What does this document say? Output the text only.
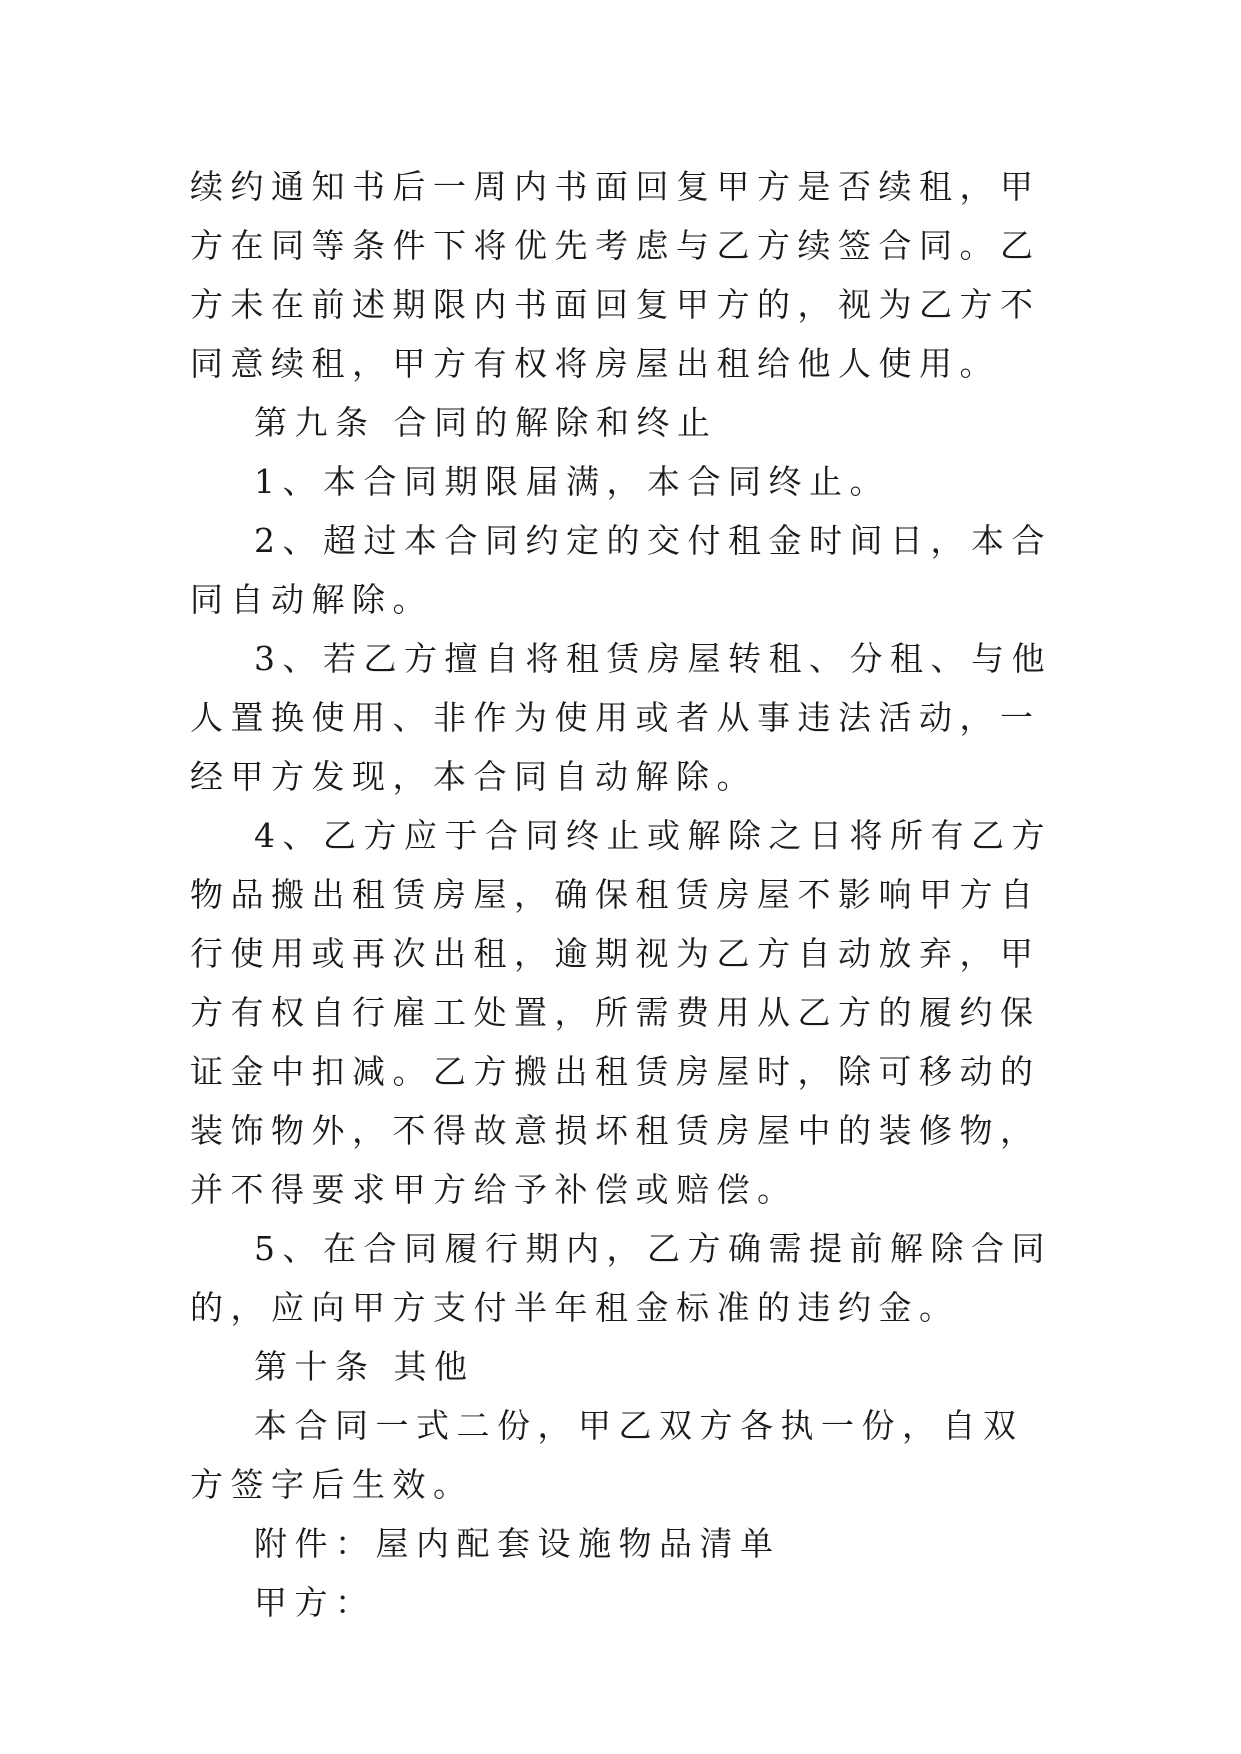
续约通知书后一周内书面回复甲方是否续租，甲方在同等条件下将优先考虑与乙方续签合同。乙方未在前述期限内书面回复甲方的，视为乙方不同意续租，甲方有权将房屋出租给他人使用。

第九条 合同的解除和终止

1、本合同期限届满，本合同终止。

2、超过本合同约定的交付租金时间日，本合同自动解除。

3、若乙方擅自将租赁房屋转租、分租、与他人置换使用、非作为使用或者从事违法活动，一经甲方发现，本合同自动解除。

4、乙方应于合同终止或解除之日将所有乙方物品搬出租赁房屋，确保租赁房屋不影响甲方自行使用或再次出租，逾期视为乙方自动放弃，甲方有权自行雇工处置，所需费用从乙方的履约保证金中扣减。乙方搬出租赁房屋时，除可移动的装饰物外，不得故意损坏租赁房屋中的装修物，并不得要求甲方给予补偿或赔偿。

5、在合同履行期内，乙方确需提前解除合同的，应向甲方支付半年租金标准的违约金。

第十条 其他

本合同一式二份，甲乙双方各执一份，自双方签字后生效。

附件：屋内配套设施物品清单

甲方：
